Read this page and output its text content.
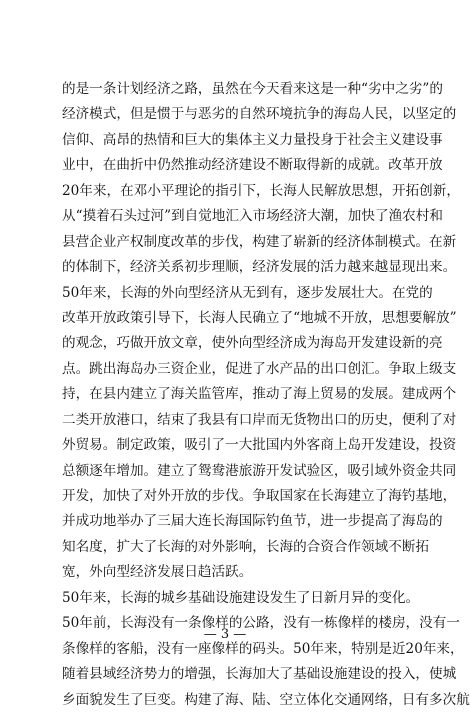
的是一条计划经济之路，虽然在今天看来这是一种“劣中之劣”的
经济模式，但是惯于与恶劣的自然环境抗争的海岛人民，以坚定的
信仰、高昂的热情和巨大的集体主义力量投身于社会主义建设事
业中，在曲折中仍然推动经济建设不断取得新的成就。改革开放
20年来，在邓小平理论的指引下，长海人民解放思想，开拓创新，
从“摸着石头过河”到自觉地汇入市场经济大潮，加快了渔农村和
县营企业产权制度改革的步伐，构建了崭新的经济体制模式。在新
的体制下，经济关系初步理顺，经济发展的活力越来越显现出来。
50年来，长海的外向型经济从无到有，逐步发展壮大。在党的
改革开放政策引导下，长海人民确立了“地城不开放，思想要解放”
的观念，巧做开放文章，使外向型经济成为海岛开发建设新的亮
点。跳出海岛办三资企业，促进了水产品的出口创汇。争取上级支
持，在县内建立了海关监管库，推动了海上贸易的发展。建成两个
二类开放港口，结束了我县有口岸而无货物出口的历史，便利了对
外贸易。制定政策，吸引了一大批国内外客商上岛开发建设，投资
总额逐年增加。建立了鸳鸯港旅游开发试验区，吸引域外资金共同
开发，加快了对外开放的步伐。争取国家在长海建立了海钓基地，
并成功地举办了三届大连长海国际钓鱼节，进一步提高了海岛的
知名度，扩大了长海的对外影响，长海的合资合作领域不断拓
宽，外向型经济发展日趋活跃。
50年来，长海的城乡基础设施建设发生了日新月异的变化。
50年前，长海没有一条像样的公路，没有一栋像样的楼房，没有一
条像样的客船，没有一座像样的码头。50年来，特别是近20年来，
随着县域经济势力的增强，长海加大了基础设施建设的投入，使城
乡面貌发生了巨变。构建了海、陆、空立体化交通网络，日有多次航
— 3 —
